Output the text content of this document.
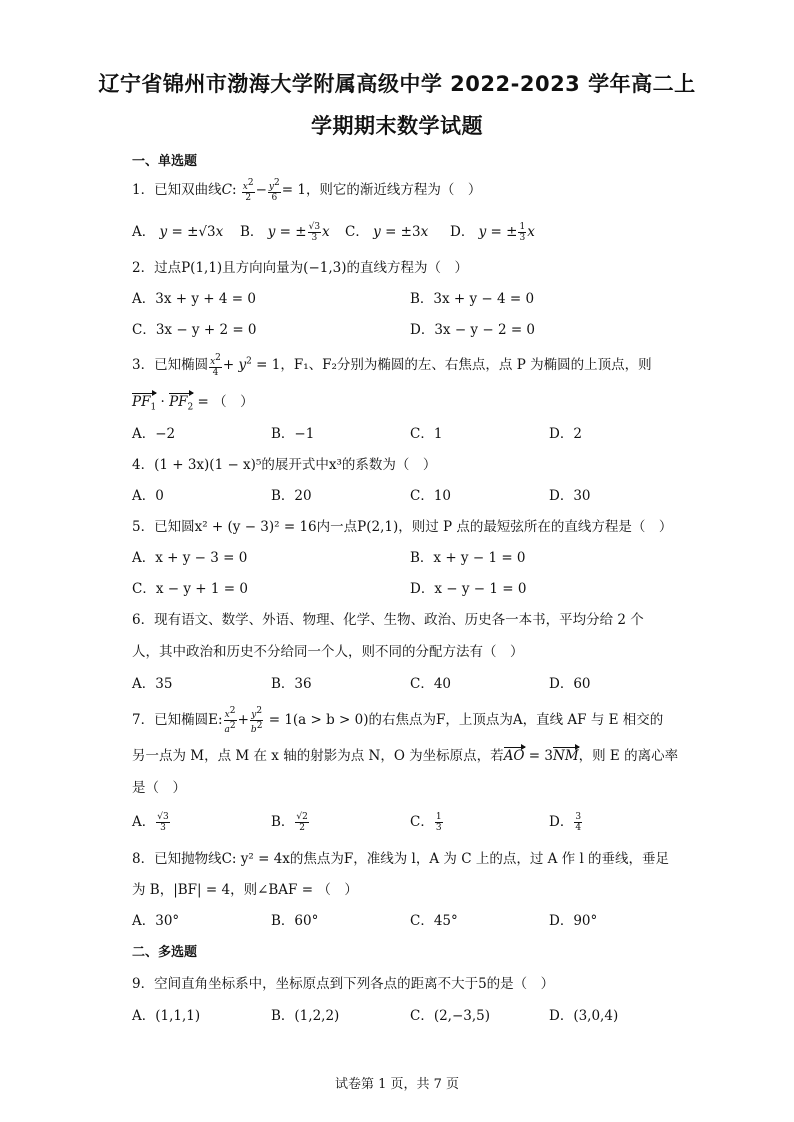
辽宁省锦州市渤海大学附属高级中学 2022-2023 学年高二上
学期期末数学试题
一、单选题
1．已知双曲线C: $\frac{x^2}{2} - \frac{y^2}{6} = 1$，则它的渐近线方程为（　）
A． y = ±√3x B． y = ± $\frac{√3}{3}$ x C． y = ±3x D． y = ± $\frac{1}{3}$ x
2．过点P(1,1)且方向向量为(−1,3)的直线方程为（　）
A．3x + y + 4 = 0	B．3x + y − 4 = 0
C．3x − y + 2 = 0	D．3x − y − 2 = 0
3．已知椭圆 $\frac{x^2}{4} + y^2 = 1$，F₁、F₂分别为椭圆的左、右焦点，点 P 为椭圆的上顶点，则
$PF_1 \cdot PF_2$ = （　）
A．−2	B．−1	C．1	D．2
4．(1 + 3x)(1 − x)⁵的展开式中x³的系数为（　）
A．0	B．20	C．10	D．30
5．已知圆x² + (y − 3)² = 16内一点P(2,1)，则过 P 点的最短弦所在的直线方程是（　）
A．x + y − 3 = 0	B．x + y − 1 = 0
C．x − y + 1 = 0	D．x − y − 1 = 0
6．现有语文、数学、外语、物理、化学、生物、政治、历史各一本书，平均分给 2 个
人，其中政治和历史不分给同一个人，则不同的分配方法有（　）
A．35	B．36	C．40	D．60
7．已知椭圆E: $\frac{x^2}{a^2} + \frac{y^2}{b^2} = 1(a > b > 0)$的右焦点为F，上顶点为A，直线 AF 与 E 相交的
另一点为 M，点 M 在 x 轴的射影为点 N，O 为坐标原点，若AO = 3NM，则 E 的离心率
是（　）
A． $\frac{√3}{3}$	B． $\frac{√2}{2}$	C． $\frac{1}{3}$	D． $\frac{3}{4}$
8．已知抛物线C: y² = 4x的焦点为F，准线为 l，A 为 C 上的点，过 A 作 l 的垂线，垂足
为 B，|BF| = 4，则∠BAF = （　）
A．30°	B．60°	C．45°	D．90°
二、多选题
9．空间直角坐标系中，坐标原点到下列各点的距离不大于5的是（　）
A．(1,1,1)	B．(1,2,2)	C．(2,−3,5)	D．(3,0,4)
试卷第 1 页，共 7 页
